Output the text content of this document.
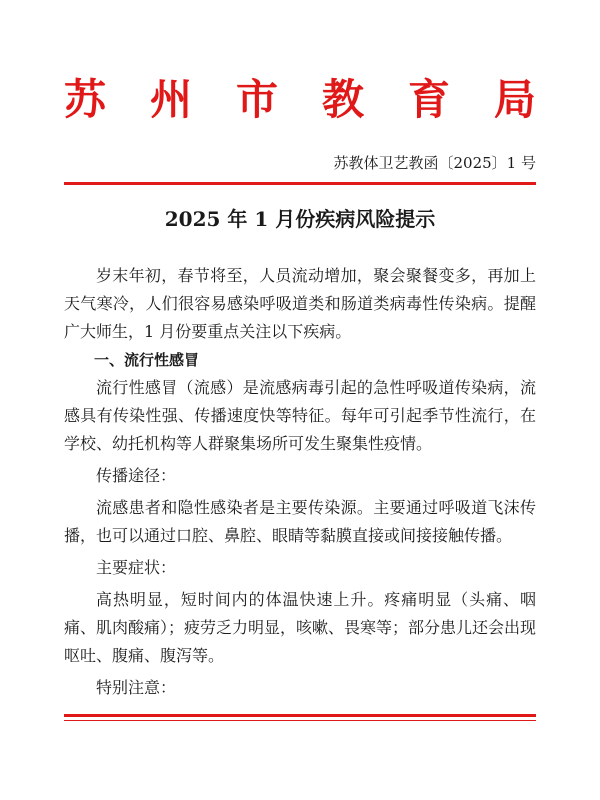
苏 州 市 教 育 局
苏教体卫艺教函〔2025〕1 号
2025 年 1 月份疾病风险提示

岁末年初，春节将至，人员流动增加，聚会聚餐变多，再加上天气寒冷，人们很容易感染呼吸道类和肠道类病毒性传染病。提醒广大师生，1 月份要重点关注以下疾病。

一、流行性感冒

流行性感冒（流感）是流感病毒引起的急性呼吸道传染病，流感具有传染性强、传播速度快等特征。每年可引起季节性流行，在学校、幼托机构等人群聚集场所可发生聚集性疫情。

传播途径：

流感患者和隐性感染者是主要传染源。主要通过呼吸道飞沫传播，也可以通过口腔、鼻腔、眼睛等黏膜直接或间接接触传播。

主要症状：

高热明显，短时间内的体温快速上升。疼痛明显（头痛、咽痛、肌肉酸痛）；疲劳乏力明显，咳嗽、畏寒等；部分患儿还会出现呕吐、腹痛、腹泻等。

特别注意：
